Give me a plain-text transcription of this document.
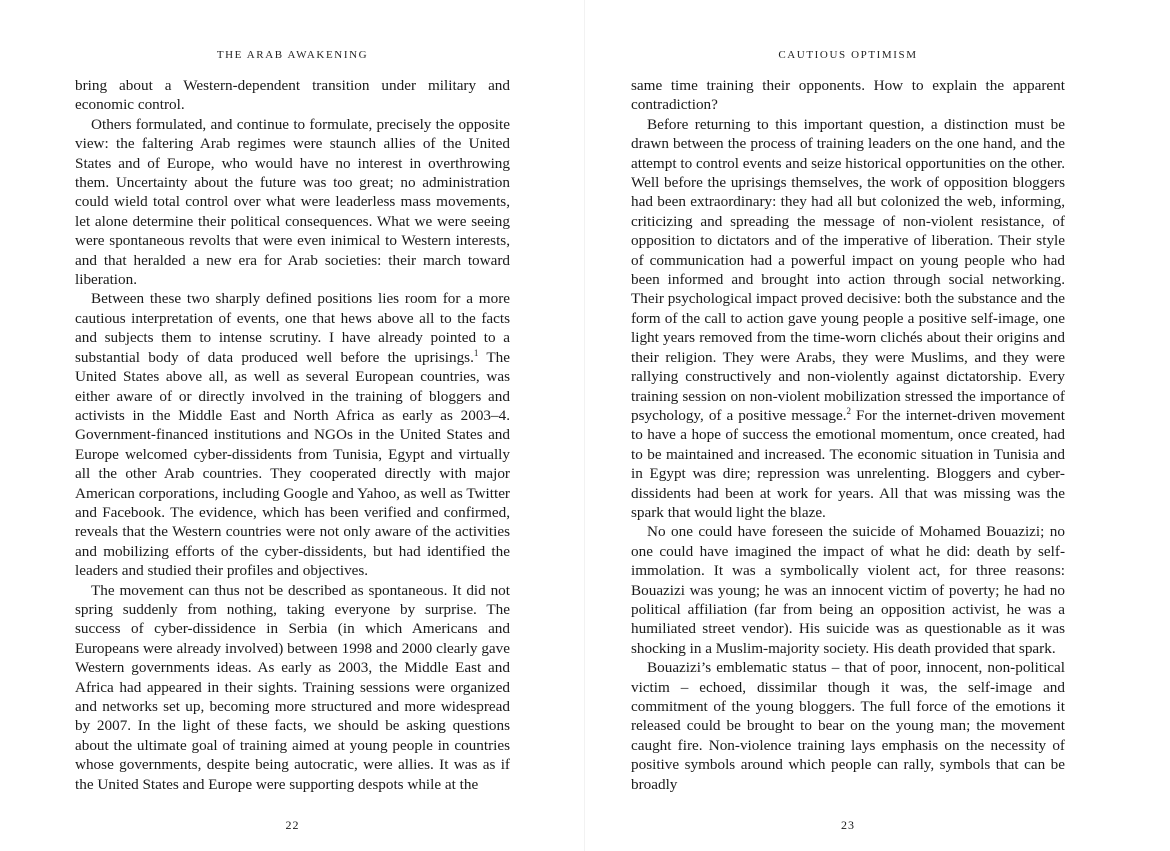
THE ARAB AWAKENING

bring about a Western-dependent transition under military and economic control.

Others formulated, and continue to formulate, precisely the opposite view: the faltering Arab regimes were staunch allies of the United States and of Europe, who would have no interest in overthrowing them. Uncertainty about the future was too great; no administration could wield total control over what were leaderless mass movements, let alone determine their political consequences. What we were seeing were spontaneous revolts that were even inimical to Western interests, and that heralded a new era for Arab societies: their march toward liberation.

Between these two sharply defined positions lies room for a more cautious interpretation of events, one that hews above all to the facts and subjects them to intense scrutiny. I have already pointed to a substantial body of data produced well before the uprisings.$^1$ The United States above all, as well as several European countries, was either aware of or directly involved in the training of bloggers and activists in the Middle East and North Africa as early as 2003–4. Government-financed institutions and NGOs in the United States and Europe welcomed cyber-dissidents from Tunisia, Egypt and virtually all the other Arab countries. They cooperated directly with major American corporations, including Google and Yahoo, as well as Twitter and Facebook. The evidence, which has been verified and confirmed, reveals that the Western countries were not only aware of the activities and mobilizing efforts of the cyber-dissidents, but had identified the leaders and studied their profiles and objectives.

The movement can thus not be described as spontaneous. It did not spring suddenly from nothing, taking everyone by surprise. The success of cyber-dissidence in Serbia (in which Americans and Europeans were already involved) between 1998 and 2000 clearly gave Western governments ideas. As early as 2003, the Middle East and Africa had appeared in their sights. Training sessions were organized and networks set up, becoming more structured and more widespread by 2007. In the light of these facts, we should be asking questions about the ultimate goal of training aimed at young people in countries whose governments, despite being autocratic, were allies. It was as if the United States and Europe were supporting despots while at the

22
CAUTIOUS OPTIMISM

same time training their opponents. How to explain the apparent contradiction?

Before returning to this important question, a distinction must be drawn between the process of training leaders on the one hand, and the attempt to control events and seize historical opportunities on the other. Well before the uprisings themselves, the work of opposition bloggers had been extraordinary: they had all but colonized the web, informing, criticizing and spreading the message of non-violent resistance, of opposition to dictators and of the imperative of liberation. Their style of communication had a powerful impact on young people who had been informed and brought into action through social networking. Their psychological impact proved decisive: both the substance and the form of the call to action gave young people a positive self-image, one light years removed from the time-worn clichés about their origins and their religion. They were Arabs, they were Muslims, and they were rallying constructively and non-violently against dictatorship. Every training session on non-violent mobilization stressed the importance of psychology, of a positive message.$^2$ For the internet-driven movement to have a hope of success the emotional momentum, once created, had to be maintained and increased. The economic situation in Tunisia and in Egypt was dire; repression was unrelenting. Bloggers and cyber-dissidents had been at work for years. All that was missing was the spark that would light the blaze.

No one could have foreseen the suicide of Mohamed Bouazizi; no one could have imagined the impact of what he did: death by self-immolation. It was a symbolically violent act, for three reasons: Bouazizi was young; he was an innocent victim of poverty; he had no political affiliation (far from being an opposition activist, he was a humiliated street vendor). His suicide was as questionable as it was shocking in a Muslim-majority society. His death provided that spark.

Bouazizi’s emblematic status – that of poor, innocent, non-political victim – echoed, dissimilar though it was, the self-image and commitment of the young bloggers. The full force of the emotions it released could be brought to bear on the young man; the movement caught fire. Non-violence training lays emphasis on the necessity of positive symbols around which people can rally, symbols that can be broadly

23
